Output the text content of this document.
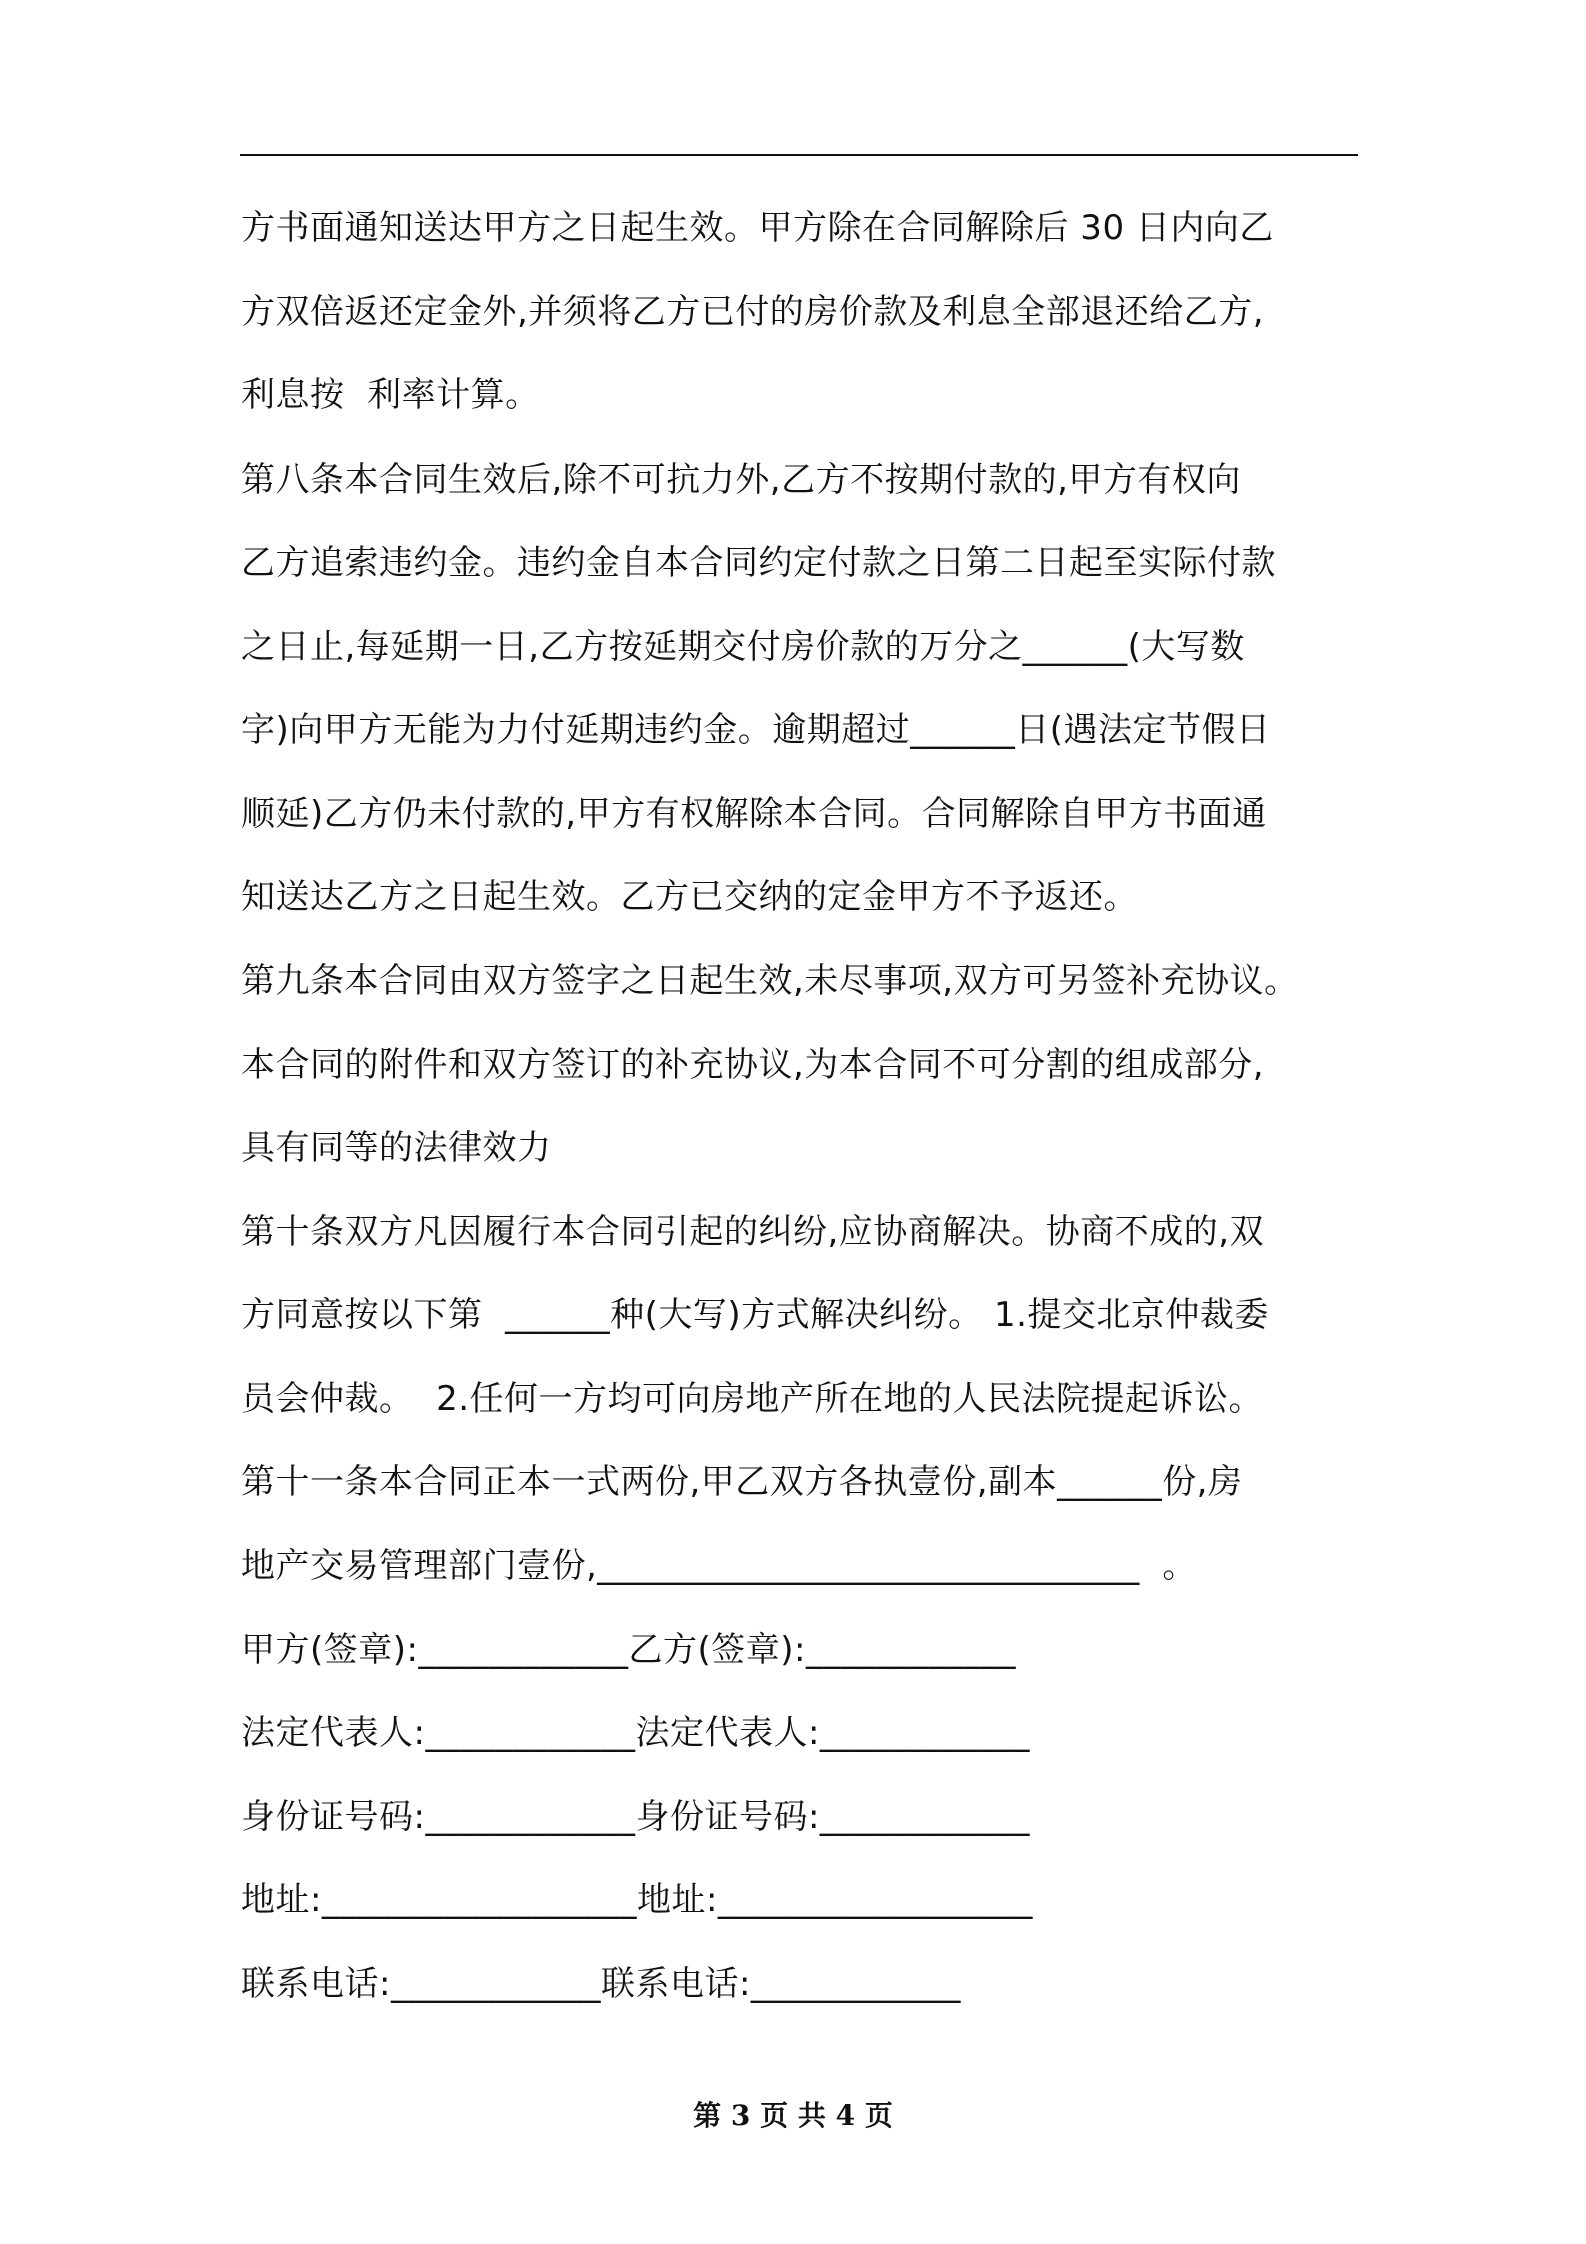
方书面通知送达甲方之日起生效。甲方除在合同解除后 30 日内向乙
方双倍返还定金外,并须将乙方已付的房价款及利息全部退还给乙方,
利息按  利率计算。
第八条本合同生效后,除不可抗力外,乙方不按期付款的,甲方有权向
乙方追索违约金。违约金自本合同约定付款之日第二日起至实际付款
之日止,每延期一日,乙方按延期交付房价款的万分之______(大写数
字)向甲方无能为力付延期违约金。逾期超过______日(遇法定节假日
顺延)乙方仍未付款的,甲方有权解除本合同。合同解除自甲方书面通
知送达乙方之日起生效。乙方已交纳的定金甲方不予返还。
第九条本合同由双方签字之日起生效,未尽事项,双方可另签补充协议。
本合同的附件和双方签订的补充协议,为本合同不可分割的组成部分,
具有同等的法律效力
第十条双方凡因履行本合同引起的纠纷,应协商解决。协商不成的,双
方同意按以下第  ______种(大写)方式解决纠纷。 1.提交北京仲裁委
员会仲裁。  2.任何一方均可向房地产所在地的人民法院提起诉讼。
第十一条本合同正本一式两份,甲乙双方各执壹份,副本______份,房
地产交易管理部门壹份,_______________________________  。
甲方(签章):____________乙方(签章):____________
法定代表人:____________法定代表人:____________
身份证号码:____________身份证号码:____________
地址:__________________地址:__________________
联系电话:____________联系电话:____________
第 3 页 共 4 页
